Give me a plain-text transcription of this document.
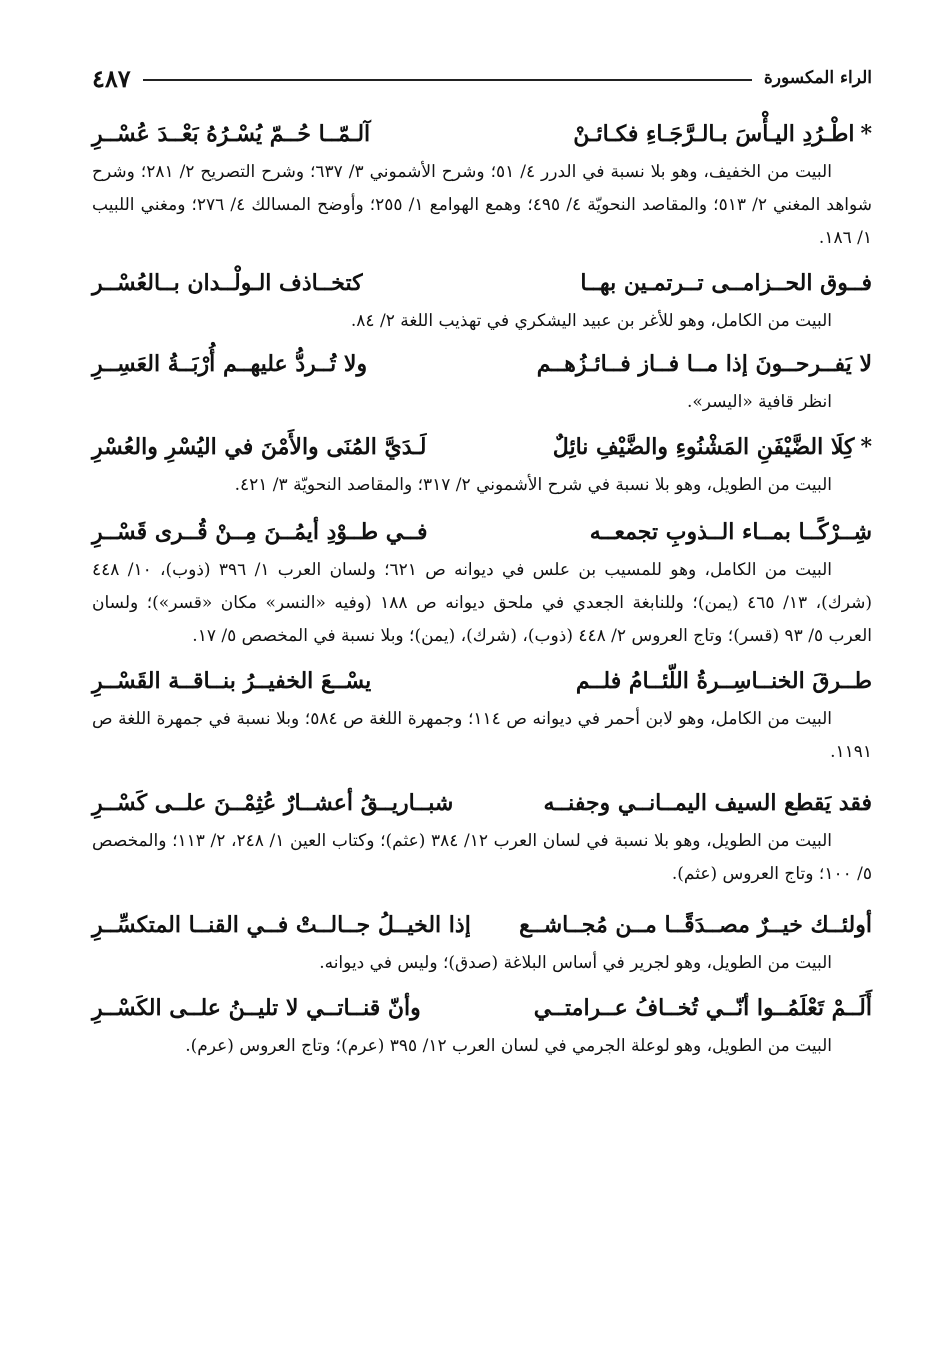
الراء المكسورة
٤٨٧
*اطْـرُدِ اليـأْسَ بـالـرَّجَـاءِ فكـائـنْ
آلـمّــا حُــمّ يُسْـرُهُ بَعْــدَ عُسْــرِ
البيت من الخفيف، وهو بلا نسبة في الدرر ٤/ ٥١؛ وشرح الأشموني ٣/ ٦٣٧؛ وشرح التصريح ٢/ ٢٨١؛ وشرح شواهد المغني ٢/ ٥١٣؛ والمقاصد النحويّة ٤/ ٤٩٥؛ وهمع الهوامع ١/ ٢٥٥؛ وأوضح المسالك ٤/ ٢٧٦؛ ومغني اللبيب ١/ ١٨٦.
فــوق الحــزامــى تــرتمـين بهــا
كتخــاذف الـولْــدان بــالعُسْــر
البيت من الكامل، وهو للأغر بن عبيد اليشكري في تهذيب اللغة ٢/ ٨٤.
لا يَفــرحــونَ إذا مــا فــاز فــائـزُهــم
ولا تُــردُّ عليهــم أُرْبَــةُ العَسِــرِ
انظر قافية «اليسر».
*كِلَا الضَّيْفَنِ المَشْنُوءِ والضَّيْفِ نائِلٌ
لَـدَيَّ المُنَى والأَمْنَ في اليُسْرِ والعُسْرِ
البيت من الطويل، وهو بلا نسبة في شرح الأشموني ٢/ ٣١٧؛ والمقاصد النحويّة ٣/ ٤٢١.
شِــرْكًــا بمــاء الــذوبِ تجمعــه
فــي طــوْدِ أيمُــنَ مِــنْ قُــرى قَسْــرِ
البيت من الكامل، وهو للمسيب بن علس في ديوانه ص ٦٢١؛ ولسان العرب ١/ ٣٩٦ (ذوب)، ١٠/ ٤٤٨ (شرك)، ١٣/ ٤٦٥ (يمن)؛ وللنابغة الجعدي في ملحق ديوانه ص ١٨٨ (وفيه «النسر» مكان «قسر»)؛ ولسان العرب ٥/ ٩٣ (قسر)؛ وتاج العروس ٢/ ٤٤٨ (ذوب)، (شرك)، (يمن)؛ وبلا نسبة في المخصص ٥/ ١٧.
طــرقَ الخنــاسِــرةُ اللّئــامُ فلــم
يسْــعَ الخفيــرُ بنــاقــة القَسْــرِ
البيت من الكامل، وهو لابن أحمر في ديوانه ص ١١٤؛ وجمهرة اللغة ص ٥٨٤؛ وبلا نسبة في جمهرة اللغة ص ١١٩١.
فقد يَقطع السيف اليمــانــي وجفنــه
شبــاريــقُ أعشــارٌ عُثِمْــنَ علــى كَسْــرِ
البيت من الطويل، وهو بلا نسبة في لسان العرب ١٢/ ٣٨٤ (عثم)؛ وكتاب العين ١/ ٢٤٨، ٢/ ١١٣؛ والمخصص ٥/ ١٠٠؛ وتاج العروس (عثم).
أولئــك خيــرٌ مصــدَقًــا مــن مُجــاشــع
إذا الخيــلُ جــالــتْ فــي القنــا المتكسِّــرِ
البيت من الطويل، وهو لجرير في أساس البلاغة (صدق)؛ وليس في ديوانه.
أَلَــمْ تَعْلَمُــوا أنّــي تُخــافُ عــرامتــي
وأنّ قنــاتــي لا تليــنُ علــى الكَسْــرِ
البيت من الطويل، وهو لوعلة الجرمي في لسان العرب ١٢/ ٣٩٥ (عرم)؛ وتاج العروس (عرم).
